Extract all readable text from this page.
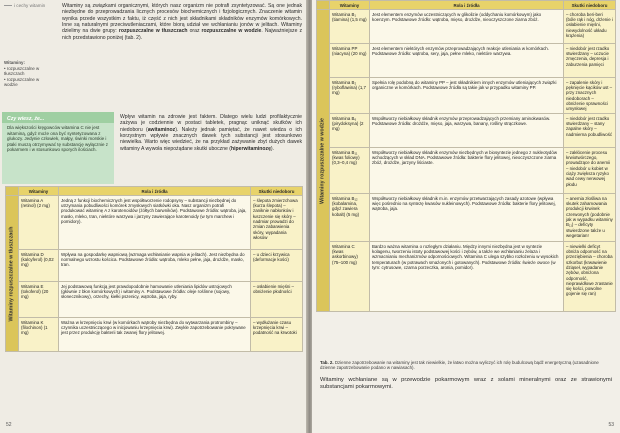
i cechy witamin
Witaminy:
• rozpuszczalne w tłuszczach
• rozpuszczalne w wodzie

Witaminy są związkami organicznymi, których nasz organizm nie potrafi zsyntetyzować. Są one jednak niezbędne do przeprowadzania licznych procesów biochemicznych i fizjologicznych. Znaczenie witamin wynika przede wszystkim z faktu, iż część z nich jest składnikami składników enzymów komórkowych. Inne są naturalnymi przeciwutleniaczami, które biorą udział we wchłanianiu jonów w jelitach. Witaminy dzielimy na dwie grupy: rozpuszczalne w tłuszczach oraz rozpuszczalne w wodzie. Najważniejsze z nich przedstawiono poniżej (tab. 2).

Czy wiesz, że...
Dla większości kręgowców witamina C nie jest witaminą, gdyż może ona być syntetyzowana z glukozy. Jedynie człowiek, małpy, świnki morskie i ptaki muszą otrzymywać tę substancję wyłącznie z pokarmem i w stosunkowo sporych ilościach.
Wpływ witamin na zdrowie jest faktem. Dlatego wielu ludzi profilaktycznie zażywa je codziennie w postaci tabletek, pragnąc uniknąć skutków ich niedoboru (awitaminoz). Należy jednak pamiętać, że nawet wiedza o ich korzystnym wpływie znacznych dawek tych substancji jest stosunkowo niewielka. Warto więc wiedzieć, że na przykład zażywanie zbyt dużych dawek witaminy A wywoła niepożądane skutki uboczne (hiperwitaminozę).
	Witaminy	Rola i źródła	Skutki niedoboru

Witaminy rozpuszczalne w tłuszczach	Witamina A (retinol) (2 mg)	Jedną z funkcji biochemicznych jest współtworzenie rodopsyny – substancji niezbędnej do utrzymania pobudliwości komórek zmysłowych siatkówki oka. Nasz organizm potrafi produkować witaminę A z karotenoidów (żółtych barwników). Podstawowe źródła: wątroba, jaja, masło, mleko, tran, niektóre warzywa i jarzyny zawierające karotenoidy (w tym marchew i pomidory).	– ślepota zmierzchowa (kurza ślepota) – zaniknie nabłonków i łuszczenie się skóry – nadmiar prowadzi do zmian zabarwienia skóry, wypadania włosów
	Witamina D (kalcyferol) (0,02 mg)	Wpływa na gospodarkę wapniową (wzmaga wchłanianie wapnia w jelitach). Jest niezbędna do normalnego wzrostu kościca. Podstawowe źródła: wątroba, mleko pełne, jaja, drożdże, masło, tran.	– u dzieci krzywica (deformacje kości)
	Witamina E (tokoferol) (20 mg)	Jej podstawową funkcją jest prawdopodobnie hamowanie utleniania lipidów ustrojowych (głównie z błon komórkowych) i witaminy A. Podstawowe źródła: oleje roślinne (sojowy, słonecznikowy), orzechy, kiełki pszenicy, wątroba, jaja, ryby.	– osłabienie mięśni – obniżenie płodności
	Witamina K (filochinon) (1 mg)	Ważna w krzepnięciu krwi (w komórkach wątroby niezbędna do wytwarzania protrombiny – czynnika uczestniczącego w inicjowaniu krzepnięcia krwi). Zwykle zapotrzebowanie pokrywane jest przez produkcję bakterii tak zwanej flory jelitowej.	– wydłużanie czasu krzepnięcia krwi – podatność na krwotoki
52
	Witaminy	Rola i źródła	Skutki niedoboru

Witaminy rozpuszczalne w wodzie	Witamina B₁ (tiamina) (1,5 mg)	Jest elementem enzymów uczestniczących w glikolizie (oddychaniu komórkowym) jako koenzym. Podstawowe źródło: wątroba, mięso, drożdże, nieoczyszczone ziarna zbóż.	– choroba beri-beri (bóle rąk i nóg, drżenie i osłabienie mięśni, niewydolność układu krążenia)
	Witamina PP (niacyna) (20 mg)	Jest elementem niektórych enzymów przeprowadzających reakcje utleniania w komórkach. Podstawowe źródło: wątroba, sery, jaja, pełne mleko, niektóre warzywa.	– niedobór jest rzadko stwierdzany – uczucie zmęczenia, depresja i zaburzenia pamięci
	Witamina B₂ (ryboflawina) (1,7 mg)	Spełnia rolę podobną do witaminy PP – jest składnikiem innych enzymów utleniających związki organiczne w komórkach. Podstawowe źródła są takie jak w przypadku witaminy PP.	– zapalenie skóry i pęknięcie kącików ust – przy znacznych niedoborach – obniżenie sprawności umysłowej
	Witamina B₆ (pirydoksyna) (2 mg)	Współtworzy niebiałkowy składnik enzymów przeprowadzających przemiany aminokwasów. Podstawowe źródła: drożdże, mięso, jaja, warzywa, banany, rośliny strączkowe.	– niedobór jest rzadko stwierdzany – stany zapalne skóry – nadmierna pobudliwość
	Witamina B₁₁ (kwas foliowy) (0,3–0,4 mg)	Współtworzy niebiałkowy składnik enzymów niezbędnych w biosyntezie jednego z nukleotydów wchodzących w skład DNA. Podstawowe źródła: bakterie flory jelitowej, nieoczyszczone ziarna zbóż, drożdże, jarzyny liściaste.	– zakłócenie procesu krwiotwórczego, prowadzące do anemii – niedobór u kobiet w ciąży zwiększa ryzyko wad cewy nerwowej płodu
	Witamina B₁₂ (kobalamina, gdyż zawiera kobalt) (5 mg)	Współtworzy niebiałkowy składnik m.in. enzymów przetwarzających zasady azotowe (wpływa więc pośrednio na syntezę kwasów nukleinowych). Podstawowe źródła: bakterie flory jelitowej, wątroba, jaja.	– anemia złośliwa na skutek zahamowania produkcji krwinek czerwonych (podobnie jak w wypadku witaminy B₁₁) – deficyty stwierdzone także u wegetarian!
	Witamina C (kwas askorbinowy) (75–100 mg)	Bardzo ważna witamina o rozległym działaniu. Między innymi niezbędna jest w syntezie kolagenu, tworzeniu istoty podstawowej kości i zębów, a także we wchłanianiu żelaza i wzmacnianiu mechanizmów odpornościowych. Witamina C ulega szybko rozłożeniu w wysokich temperaturach (w potrawach smażonych i gotowanych). Podstawowe źródła: świeże owoce (w tym: cytrusowe, czarna porzeczka, aronia, pomidor).	– niewielki deficyt obniża odporność na przeziębienia – choroba szkorbut (krwawienie dziąseł, wypadanie zębów, obniżona odporność, nieprawidłowe zrastanie się kości, powolne gojenie się ran)
Tab. 2. Dzienne zapotrzebowanie na witaminy jest tak niewielkie, że łatwo można wyliczyć ich rolę budulcową bądź energetyczną (uzasadnione dzienne zapotrzebowanie podano w nawiasach).
Witaminy wchłaniane są w przewodzie pokarmowym wraz z solami mineralnymi oraz ze strawionymi substancjami pokarmowymi.
53
